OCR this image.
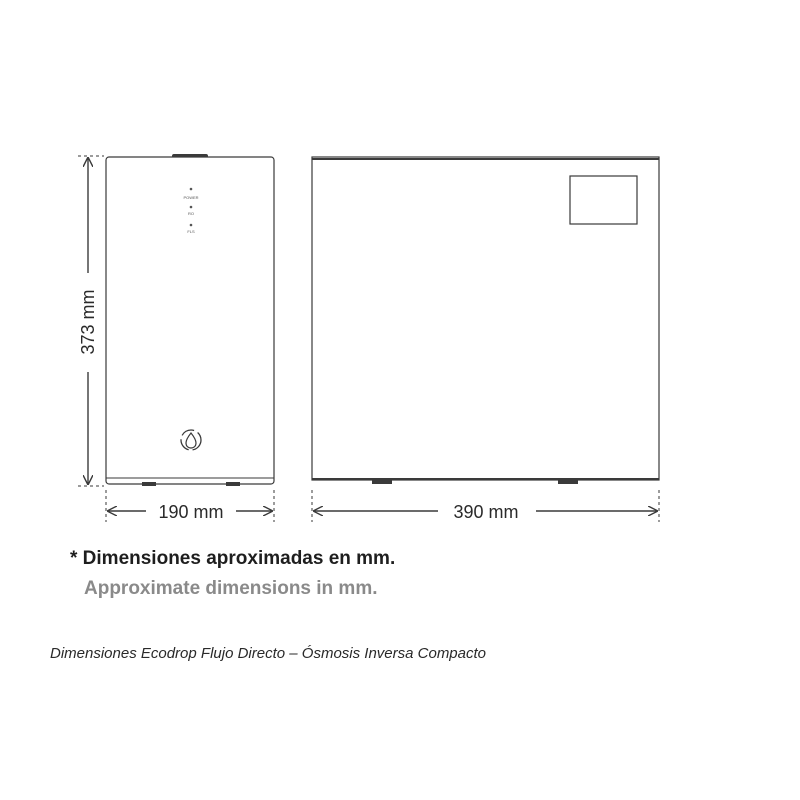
373 mm
POWER
RO
FLS
190 mm	390 mm
* Dimensiones aproximadas en mm.
Approximate dimensions in mm.
Dimensiones Ecodrop Flujo Directo – Ósmosis Inversa Compacto
